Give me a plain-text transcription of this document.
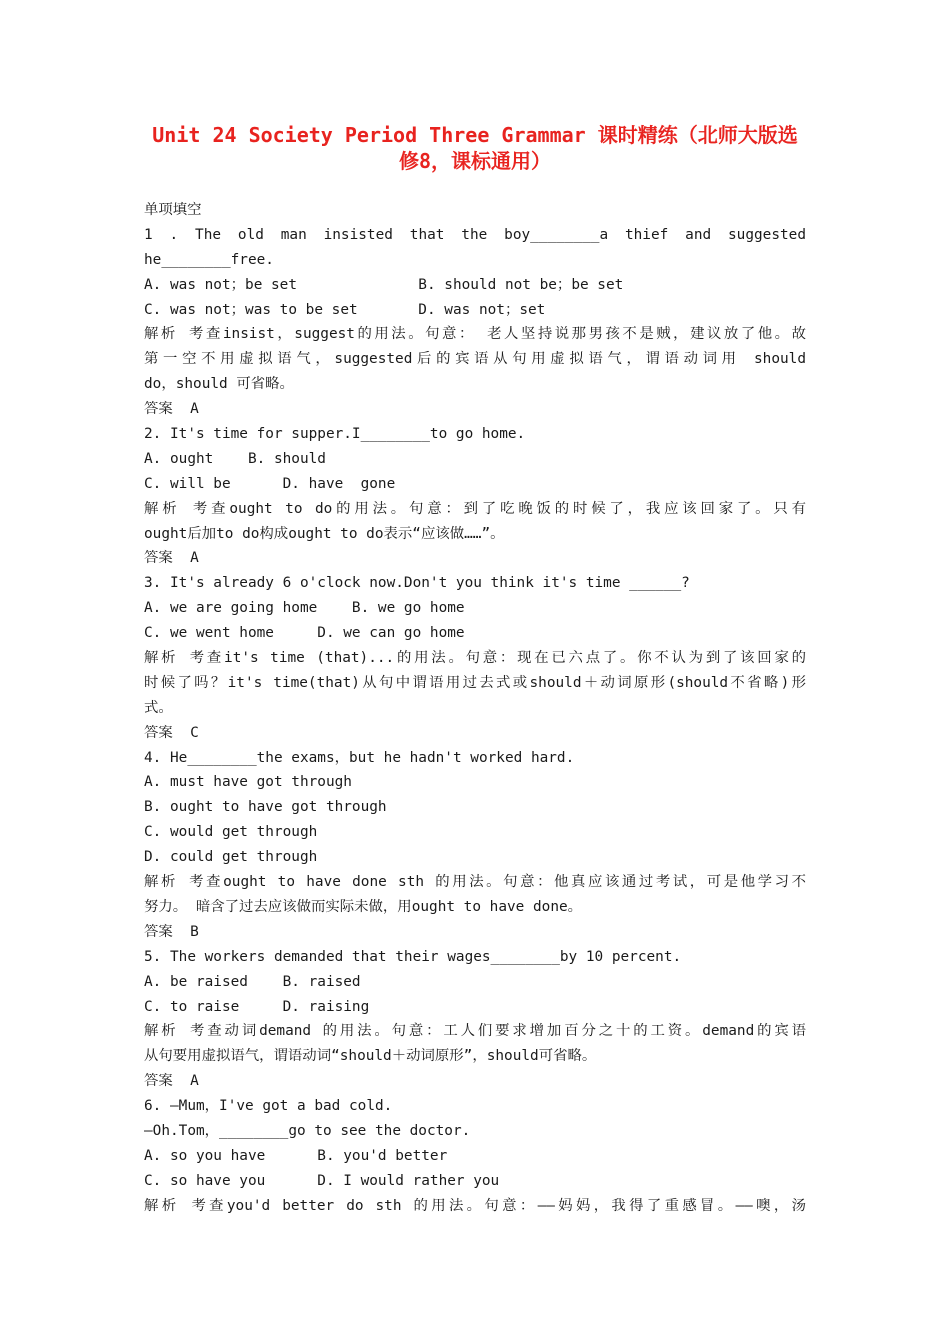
Unit 24 Society Period Three Grammar 课时精练（北师大版选
修8，课标通用）
单项填空
1 . The old man insisted that the boy________a thief and suggested
he________free.
A. was not；be set              B. should not be；be set
C. was not；was to be set       D. was not；set
解析 考查insist，suggest的用法。句意： 老人坚持说那男孩不是贼，建议放了他。故
第一空不用虚拟语气，suggested后的宾语从句用虚拟语气，谓语动词用 should
do，should 可省略。
答案  A
2. It's time for supper.I________to go home.
A. ought    B. should
C. will be      D. have  gone
解析 考查ought to do的用法。句意：到了吃晚饭的时候了，我应该回家了。只有
ought后加to do构成ought to do表示“应该做……”。
答案  A
3. It's already 6 o'clock now.Don't you think it's time ______?
A. we are going home    B. we go home
C. we went home     D. we can go home
解析 考查it's time (that)...的用法。句意：现在已六点了。你不认为到了该回家的
时候了吗？it's time(that)从句中谓语用过去式或should＋动词原形(should不省略)形
式。
答案  C
4. He________the exams，but he hadn't worked hard.
A. must have got through
B. ought to have got through
C. would get through
D. could get through
解析 考查ought to have done sth 的用法。句意：他真应该通过考试，可是他学习不
努力。 暗含了过去应该做而实际未做，用ought to have done。
答案  B
5. The workers demanded that their wages________by 10 percent.
A. be raised    B. raised
C. to raise     D. raising
解析 考查动词demand 的用法。句意：工人们要求增加百分之十的工资。demand的宾语
从句要用虚拟语气，谓语动词“should＋动词原形”，should可省略。
答案  A
6. —Mum，I've got a bad cold.
—Oh.Tom，________go to see the doctor.
A. so you have      B. you'd better
C. so have you      D. I would rather you
解析 考查you'd better do sth 的用法。句意：——妈妈，我得了重感冒。——噢，汤
